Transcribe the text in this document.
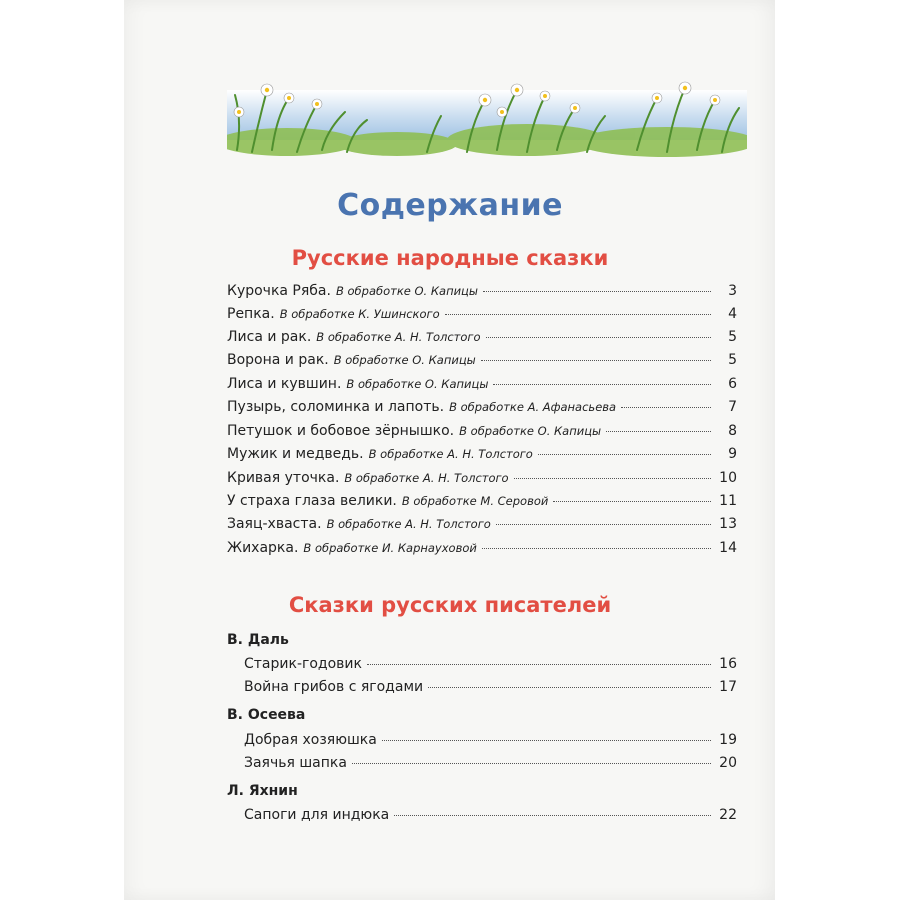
Содержание
Русские народные сказки
Курочка Ряба. В обработке О. Капицы	3
Репка. В обработке К. Ушинского	4
Лиса и рак. В обработке А. Н. Толстого	5
Ворона и рак. В обработке О. Капицы	5
Лиса и кувшин. В обработке О. Капицы	6
Пузырь, соломинка и лапоть. В обработке А. Афанасьева	7
Петушок и бобовое зёрнышко. В обработке О. Капицы	8
Мужик и медведь. В обработке А. Н. Толстого	9
Кривая уточка. В обработке А. Н. Толстого	10
У страха глаза велики. В обработке М. Серовой	11
Заяц-хваста. В обработке А. Н. Толстого	13
Жихарка. В обработке И. Карнауховой	14
Сказки русских писателей
В. Даль
Старик-годовик	16
Война грибов с ягодами	17
В. Осеева
Добрая хозяюшка	19
Заячья шапка	20
Л. Яхнин
Сапоги для индюка	22
